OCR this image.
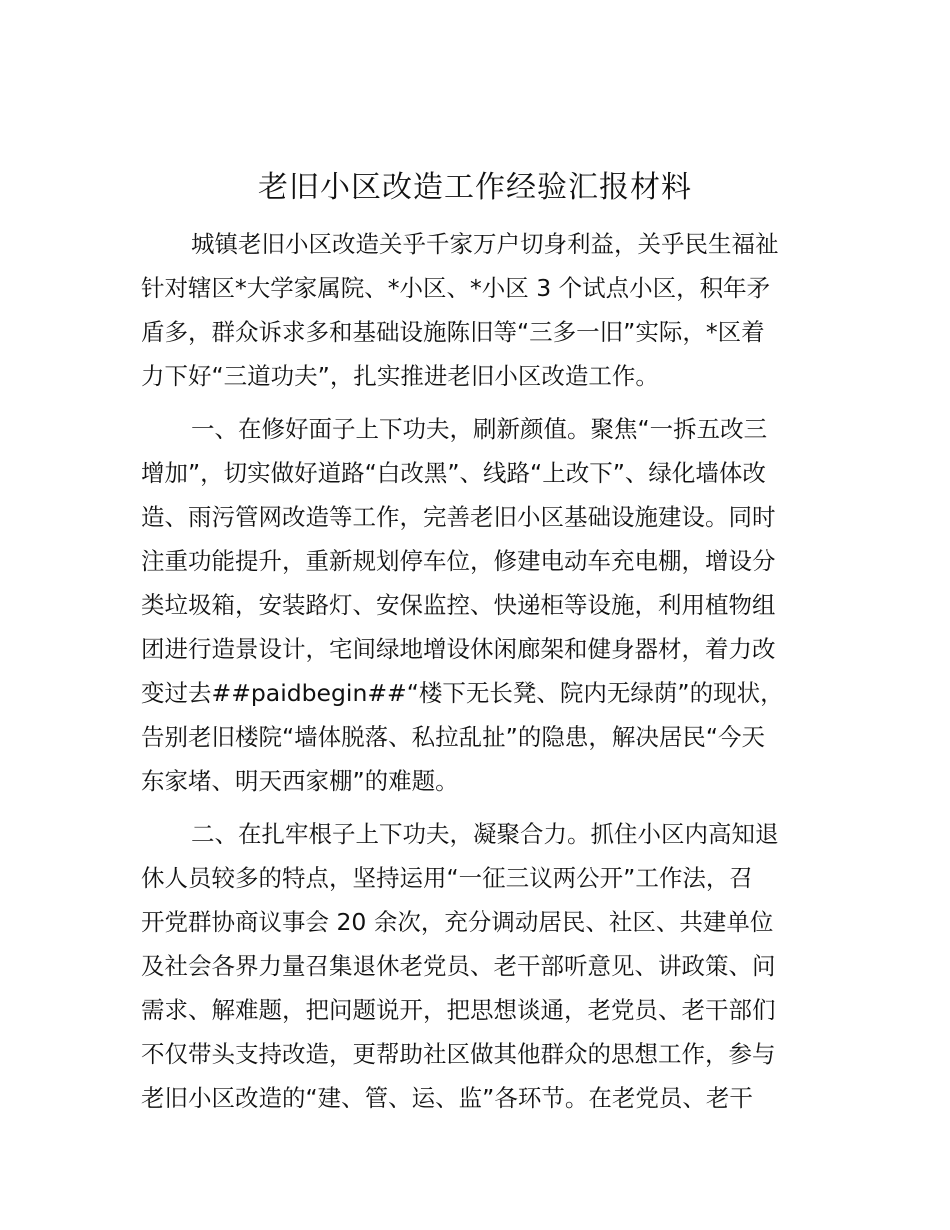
老旧小区改造工作经验汇报材料
城镇老旧小区改造关乎千家万户切身利益，关乎民生福祉
针对辖区*大学家属院、*小区、*小区 3 个试点小区，积年矛
盾多，群众诉求多和基础设施陈旧等“三多一旧”实际，*区着
力下好“三道功夫”，扎实推进老旧小区改造工作。
一、在修好面子上下功夫，刷新颜值。聚焦“一拆五改三
增加”，切实做好道路“白改黑”、线路“上改下”、绿化墙体改
造、雨污管网改造等工作，完善老旧小区基础设施建设。同时
注重功能提升，重新规划停车位，修建电动车充电棚，增设分
类垃圾箱，安装路灯、安保监控、快递柜等设施，利用植物组
团进行造景设计，宅间绿地增设休闲廊架和健身器材，着力改
变过去##paidbegin##“楼下无长凳、院内无绿荫”的现状，
告别老旧楼院“墙体脱落、私拉乱扯”的隐患，解决居民“今天
东家堵、明天西家棚”的难题。
二、在扎牢根子上下功夫，凝聚合力。抓住小区内高知退
休人员较多的特点，坚持运用“一征三议两公开”工作法，召
开党群协商议事会 20 余次，充分调动居民、社区、共建单位
及社会各界力量召集退休老党员、老干部听意见、讲政策、问
需求、解难题，把问题说开，把思想谈通，老党员、老干部们
不仅带头支持改造，更帮助社区做其他群众的思想工作，参与
老旧小区改造的“建、管、运、监”各环节。在老党员、老干
